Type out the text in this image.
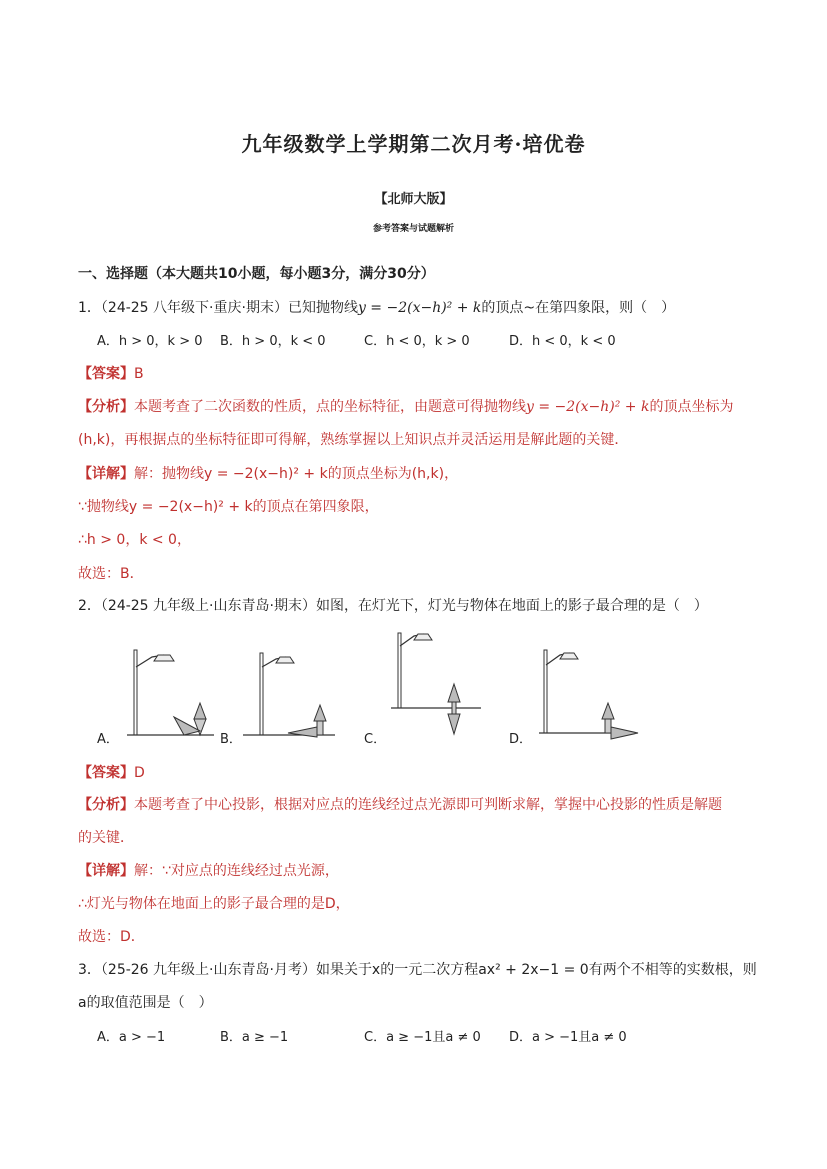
九年级数学上学期第二次月考·培优卷
【北师大版】
参考答案与试题解析
一、选择题（本大题共10小题，每小题3分，满分30分）
1．（24-25 八年级下·重庆·期末）已知抛物线y = −2(x−h)² + k的顶点~在第四象限，则（　）
A．h > 0，k > 0 B．h > 0，k < 0	C．h < 0，k > 0	D．h < 0，k < 0
【答案】B
【分析】本题考查了二次函数的性质，点的坐标特征，由题意可得抛物线y = −2(x−h)² + k的顶点坐标为
(h,k)，再根据点的坐标特征即可得解，熟练掌握以上知识点并灵活运用是解此题的关键．
【详解】解：抛物线y = −2(x−h)² + k的顶点坐标为(h,k)，
∵抛物线y = −2(x−h)² + k的顶点在第四象限，
∴h > 0，k < 0，
故选：B．
2．（24-25 九年级上·山东青岛·期末）如图，在灯光下，灯光与物体在地面上的影子最合理的是（　）
A．	B．	C．	D．
【答案】D
【分析】本题考查了中心投影，根据对应点的连线经过点光源即可判断求解，掌握中心投影的性质是解题
的关键．
【详解】解：∵对应点的连线经过点光源，
∴灯光与物体在地面上的影子最合理的是D，
故选：D．
3．（25-26 九年级上·山东青岛·月考）如果关于x的一元二次方程ax² + 2x−1 = 0有两个不相等的实数根，则
a的取值范围是（　）
A．a > −1	B．a ≥ −1	C．a ≥ −1且a ≠ 0 D．a > −1且a ≠ 0
